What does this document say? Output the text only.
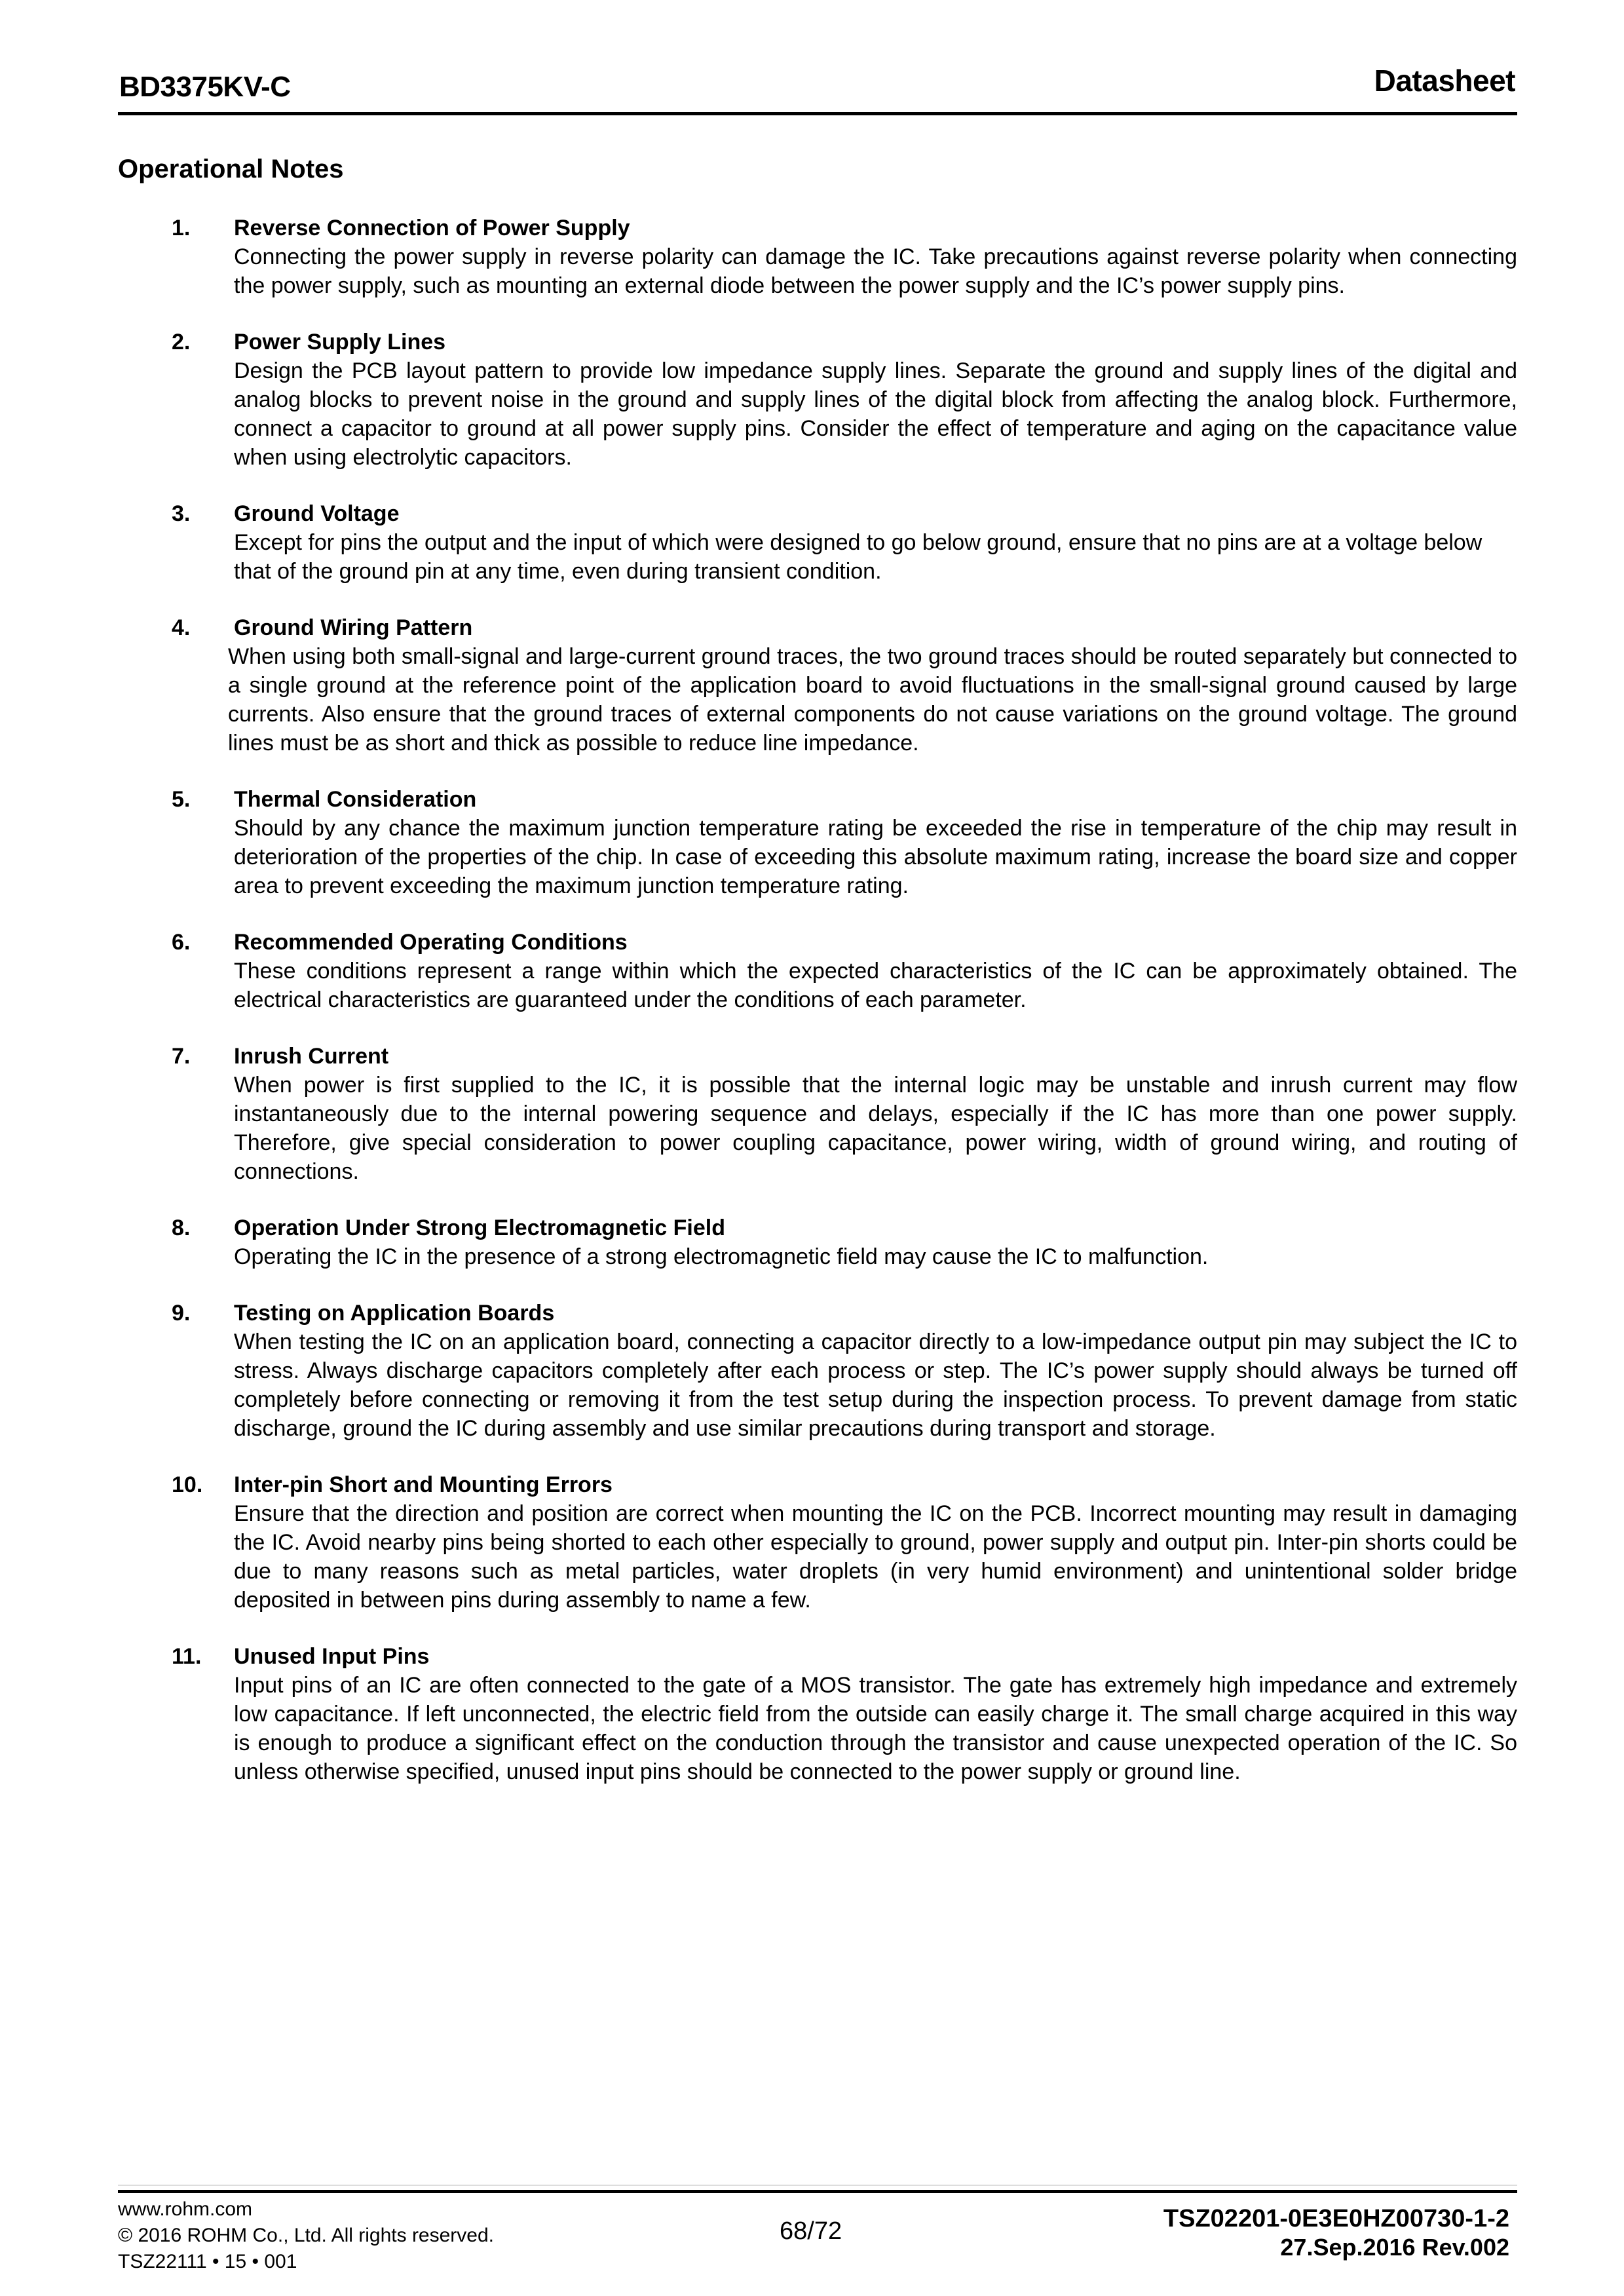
BD3375KV-C	Datasheet
Operational Notes
1. Reverse Connection of Power Supply
Connecting the power supply in reverse polarity can damage the IC. Take precautions against reverse polarity when connecting the power supply, such as mounting an external diode between the power supply and the IC’s power supply pins.
2. Power Supply Lines
Design the PCB layout pattern to provide low impedance supply lines. Separate the ground and supply lines of the digital and analog blocks to prevent noise in the ground and supply lines of the digital block from affecting the analog block. Furthermore, connect a capacitor to ground at all power supply pins. Consider the effect of temperature and aging on the capacitance value when using electrolytic capacitors.
3. Ground Voltage
Except for pins the output and the input of which were designed to go below ground, ensure that no pins are at a voltage below that of the ground pin at any time, even during transient condition.
4. Ground Wiring Pattern
When using both small-signal and large-current ground traces, the two ground traces should be routed separately but connected to a single ground at the reference point of the application board to avoid fluctuations in the small-signal ground caused by large currents. Also ensure that the ground traces of external components do not cause variations on the ground voltage. The ground lines must be as short and thick as possible to reduce line impedance.
5. Thermal Consideration
Should by any chance the maximum junction temperature rating be exceeded the rise in temperature of the chip may result in deterioration of the properties of the chip. In case of exceeding this absolute maximum rating, increase the board size and copper area to prevent exceeding the maximum junction temperature rating.
6. Recommended Operating Conditions
These conditions represent a range within which the expected characteristics of the IC can be approximately obtained. The electrical characteristics are guaranteed under the conditions of each parameter.
7. Inrush Current
When power is first supplied to the IC, it is possible that the internal logic may be unstable and inrush current may flow instantaneously due to the internal powering sequence and delays, especially if the IC has more than one power supply. Therefore, give special consideration to power coupling capacitance, power wiring, width of ground wiring, and routing of connections.
8. Operation Under Strong Electromagnetic Field
Operating the IC in the presence of a strong electromagnetic field may cause the IC to malfunction.
9. Testing on Application Boards
When testing the IC on an application board, connecting a capacitor directly to a low-impedance output pin may subject the IC to stress. Always discharge capacitors completely after each process or step. The IC’s power supply should always be turned off completely before connecting or removing it from the test setup during the inspection process. To prevent damage from static discharge, ground the IC during assembly and use similar precautions during transport and storage.
10. Inter-pin Short and Mounting Errors
Ensure that the direction and position are correct when mounting the IC on the PCB. Incorrect mounting may result in damaging the IC. Avoid nearby pins being shorted to each other especially to ground, power supply and output pin. Inter-pin shorts could be due to many reasons such as metal particles, water droplets (in very humid environment) and unintentional solder bridge deposited in between pins during assembly to name a few.
11. Unused Input Pins
Input pins of an IC are often connected to the gate of a MOS transistor. The gate has extremely high impedance and extremely low capacitance. If left unconnected, the electric field from the outside can easily charge it. The small charge acquired in this way is enough to produce a significant effect on the conduction through the transistor and cause unexpected operation of the IC. So unless otherwise specified, unused input pins should be connected to the power supply or ground line.
www.rohm.com
© 2016 ROHM Co., Ltd. All rights reserved.
TSZ22111 • 15 • 001
68/72	TSZ02201-0E3E0HZ00730-1-2
27.Sep.2016 Rev.002
